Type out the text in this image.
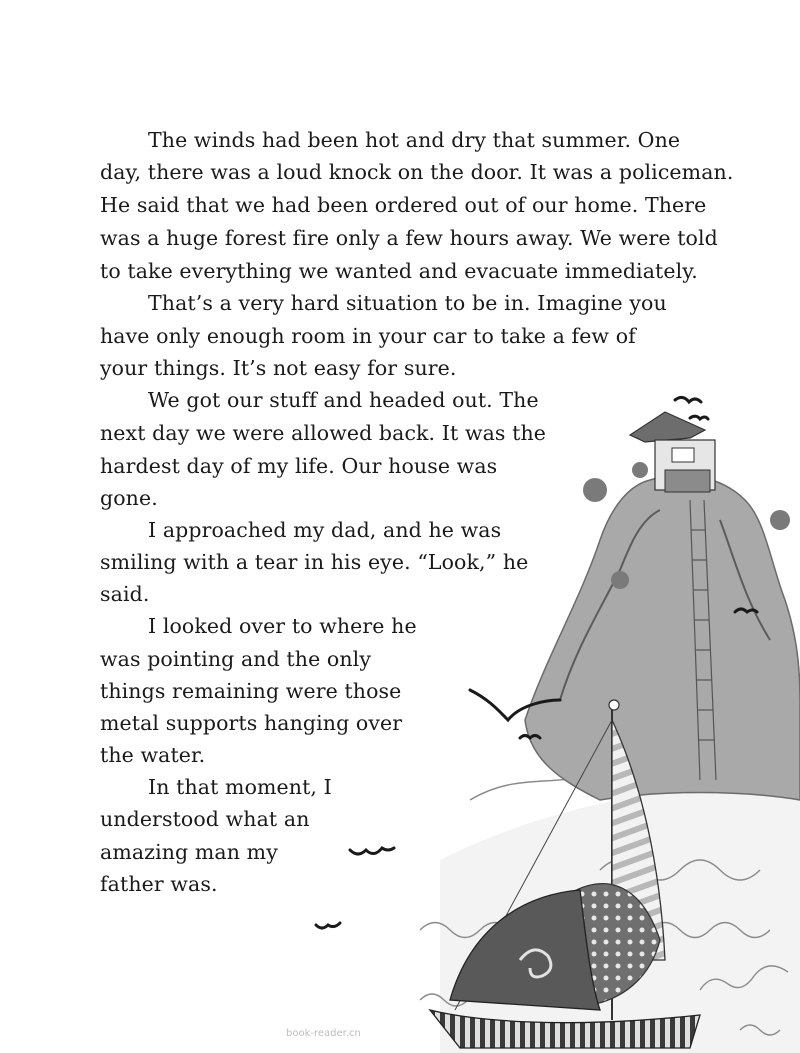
The winds had been hot and dry that summer. One
day, there was a loud knock on the door. It was a policeman.
He said that we had been ordered out of our home. There
was a huge forest fire only a few hours away. We were told
to take everything we wanted and evacuate immediately.
That’s a very hard situation to be in. Imagine you
have only enough room in your car to take a few of
your things. It’s not easy for sure.
We got our stuff and headed out. The
next day we were allowed back. It was the
hardest day of my life. Our house was
gone.
I approached my dad, and he was
smiling with a tear in his eye. “Look,” he
said.
I looked over to where he
was pointing and the only
things remaining were those
metal supports hanging over
the water.
In that moment, I
understood what an
amazing man my
father was.
book-reader.cn
